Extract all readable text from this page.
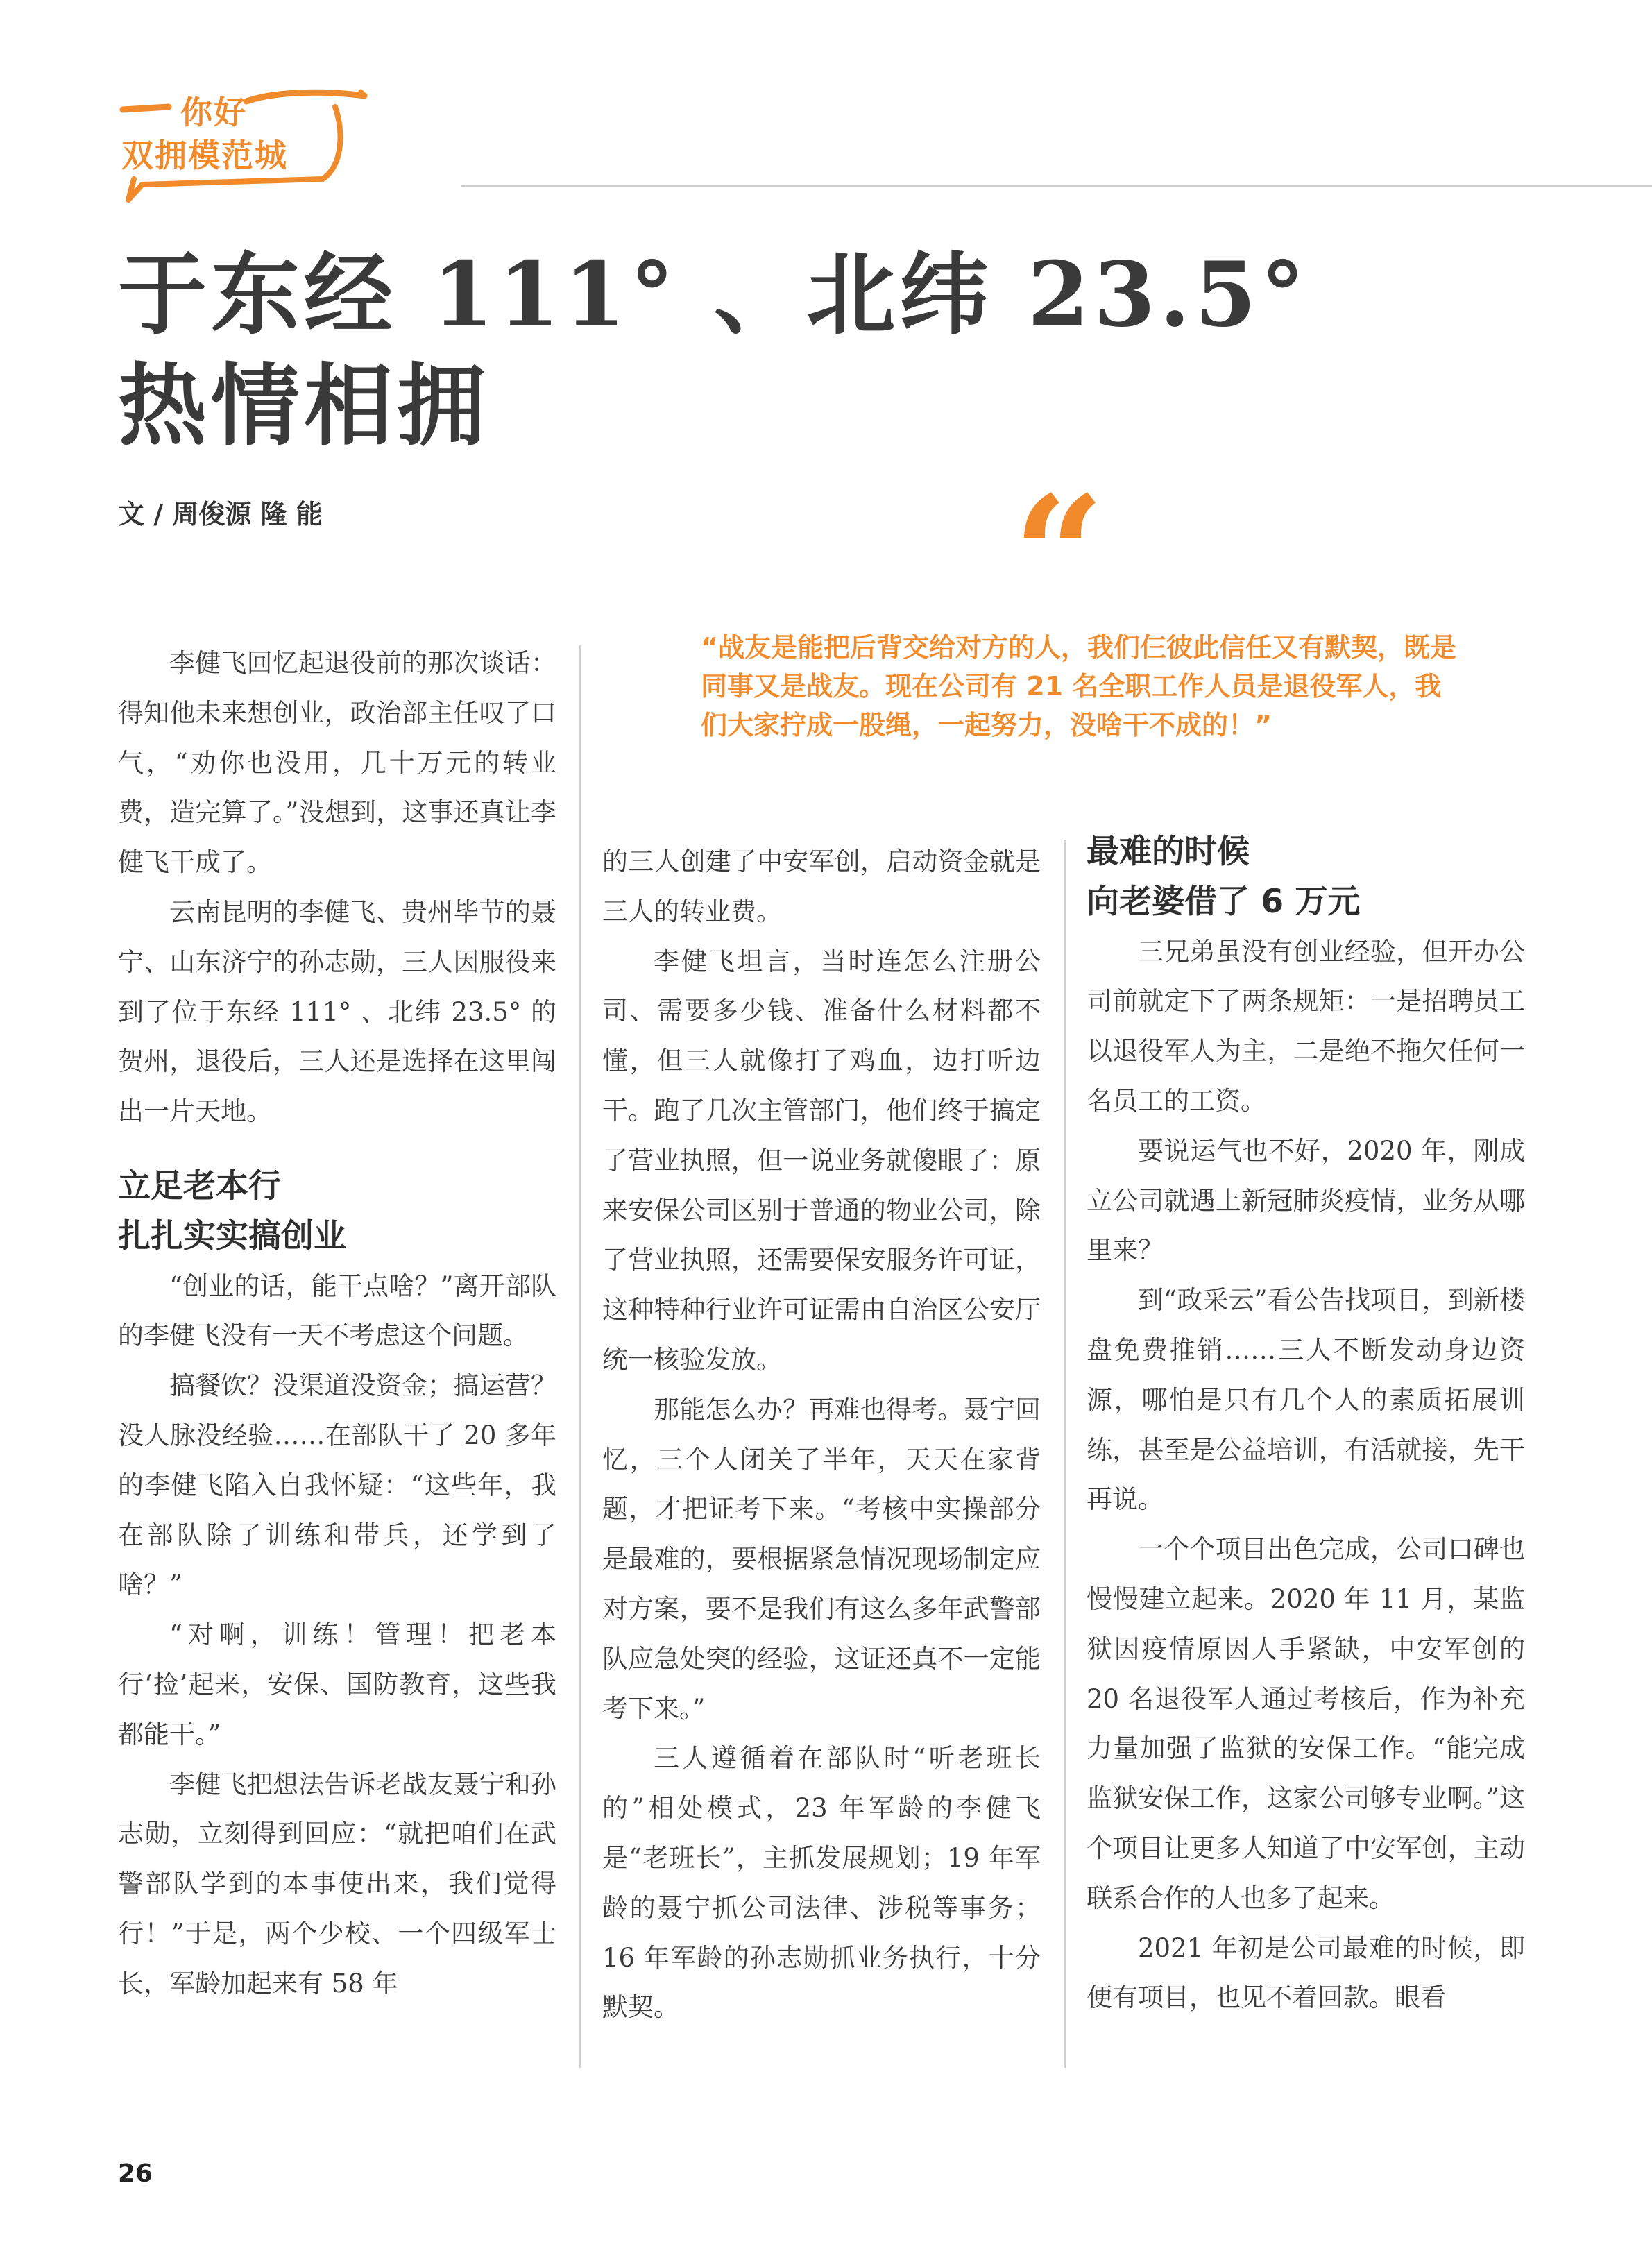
你好
双拥模范城
于东经 111° 、北纬 23.5°
热情相拥
文 / 周俊源 隆 能	“
“战友是能把后背交给对方的人，我们仨彼此信任又有默契，既是同事又是战友。现在公司有 21 名全职工作人员是退役军人，我们大家拧成一股绳，一起努力，没啥干不成的！”

李健飞回忆起退役前的那次谈话：得知他未来想创业，政治部主任叹了口气，“劝你也没用，几十万元的转业费，造完算了。”没想到，这事还真让李健飞干成了。

云南昆明的李健飞、贵州毕节的聂宁、山东济宁的孙志勋，三人因服役来到了位于东经 111° 、北纬 23.5° 的贺州，退役后，三人还是选择在这里闯出一片天地。

立足老本行
扎扎实实搞创业

“创业的话，能干点啥？”离开部队的李健飞没有一天不考虑这个问题。

搞餐饮？没渠道没资金；搞运营？没人脉没经验……在部队干了 20 多年的李健飞陷入自我怀疑：“这些年，我在部队除了训练和带兵，还学到了啥？”

“对啊，训练！管理！把老本行‘捡’起来，安保、国防教育，这些我都能干。”

李健飞把想法告诉老战友聂宁和孙志勋，立刻得到回应：“就把咱们在武警部队学到的本事使出来，我们觉得行！”于是，两个少校、一个四级军士长，军龄加起来有 58 年

的三人创建了中安军创，启动资金就是三人的转业费。

李健飞坦言，当时连怎么注册公司、需要多少钱、准备什么材料都不懂，但三人就像打了鸡血，边打听边干。跑了几次主管部门，他们终于搞定了营业执照，但一说业务就傻眼了：原来安保公司区别于普通的物业公司，除了营业执照，还需要保安服务许可证，这种特种行业许可证需由自治区公安厅统一核验发放。

那能怎么办？再难也得考。聂宁回忆，三个人闭关了半年，天天在家背题，才把证考下来。“考核中实操部分是最难的，要根据紧急情况现场制定应对方案，要不是我们有这么多年武警部队应急处突的经验，这证还真不一定能考下来。”

三人遵循着在部队时“听老班长的”相处模式，23 年军龄的李健飞是“老班长”，主抓发展规划；19 年军龄的聂宁抓公司法律、涉税等事务；16 年军龄的孙志勋抓业务执行，十分默契。

最难的时候
向老婆借了 6 万元

三兄弟虽没有创业经验，但开办公司前就定下了两条规矩：一是招聘员工以退役军人为主，二是绝不拖欠任何一名员工的工资。

要说运气也不好，2020 年，刚成立公司就遇上新冠肺炎疫情，业务从哪里来？

到“政采云”看公告找项目，到新楼盘免费推销……三人不断发动身边资源，哪怕是只有几个人的素质拓展训练，甚至是公益培训，有活就接，先干再说。

一个个项目出色完成，公司口碑也慢慢建立起来。2020 年 11 月，某监狱因疫情原因人手紧缺，中安军创的 20 名退役军人通过考核后，作为补充力量加强了监狱的安保工作。“能完成监狱安保工作，这家公司够专业啊。”这个项目让更多人知道了中安军创，主动联系合作的人也多了起来。

2021 年初是公司最难的时候，即便有项目，也见不着回款。眼看

26
